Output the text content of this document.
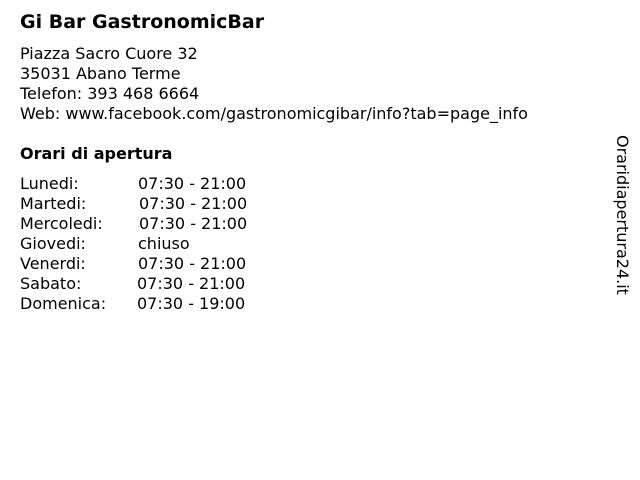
Gi Bar GastronomicBar
Piazza Sacro Cuore 32
35031 Abano Terme
Telefon: 393 468 6664
Web: www.facebook.com/gastronomicgibar/info?tab=page_info
Orari di apertura
Lunedi:	07:30 - 21:00
Martedi:	07:30 - 21:00
Mercoledi: 07:30 - 21:00
Giovedi:	chiuso
Venerdi:	07:30 - 21:00
Sabato:	07:30 - 21:00
Domenica: 07:30 - 19:00
Oraridiapertura24.it
